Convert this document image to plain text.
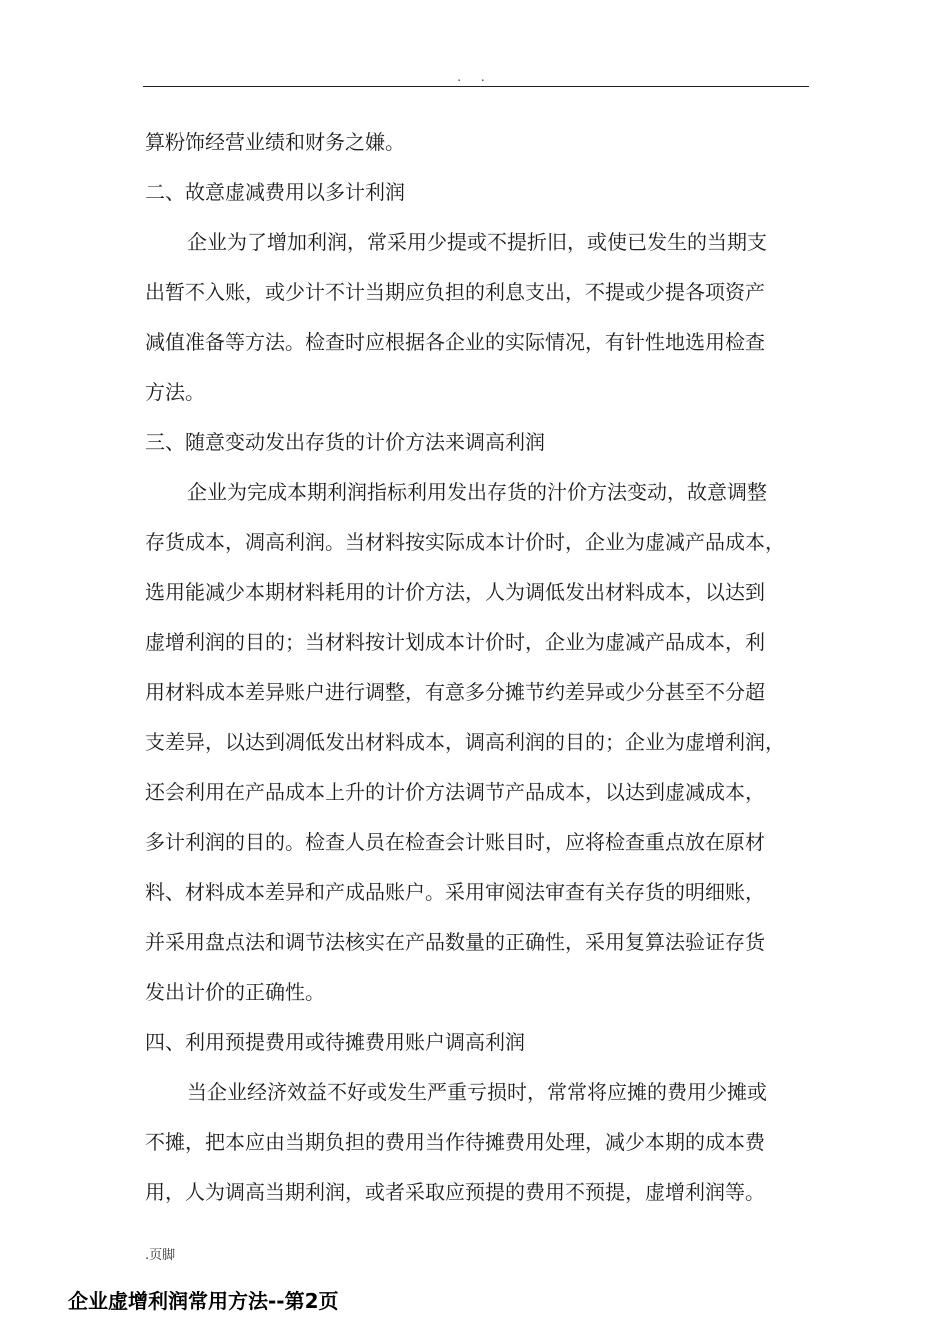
. .

算粉饰经营业绩和财务之嫌。

二、故意虚减费用以多计利润

企业为了增加利润，常采用少提或不提折旧，或使已发生的当期支

出暂不入账，或少计不计当期应负担的利息支出，不提或少提各项资产

减值准备等方法。检查时应根据各企业的实际情况，有针性地选用检查

方法。

三、随意变动发出存货的计价方法来调高利润

企业为完成本期利润指标利用发出存货的汁价方法变动，故意调整

存货成本，凋高利润。当材料按实际成本计价时，企业为虚减产品成本，

选用能减少本期材料耗用的计价方法，人为调低发出材料成本，以达到

虚增利润的目的；当材料按计划成本计价时，企业为虚减产品成本，利

用材料成本差异账户进行调整，有意多分摊节约差异或少分甚至不分超

支差异，以达到凋低发出材料成本，调高利润的目的；企业为虚增利润，

还会利用在产品成本上升的计价方法调节产品成本，以达到虚减成本，

多计利润的目的。检查人员在检查会计账目时，应将检查重点放在原材

料、材料成本差异和产成品账户。采用审阅法审查有关存货的明细账，

并采用盘点法和调节法核实在产品数量的正确性，采用复算法验证存货

发出计价的正确性。

四、利用预提费用或待摊费用账户调高利润

当企业经济效益不好或发生严重亏损时，常常将应摊的费用少摊或

不摊，把本应由当期负担的费用当作待摊费用处理，减少本期的成本费

用，人为调高当期利润，或者采取应预提的费用不预提，虚增利润等。

.页脚
企业虚增利润常用方法--第2页
